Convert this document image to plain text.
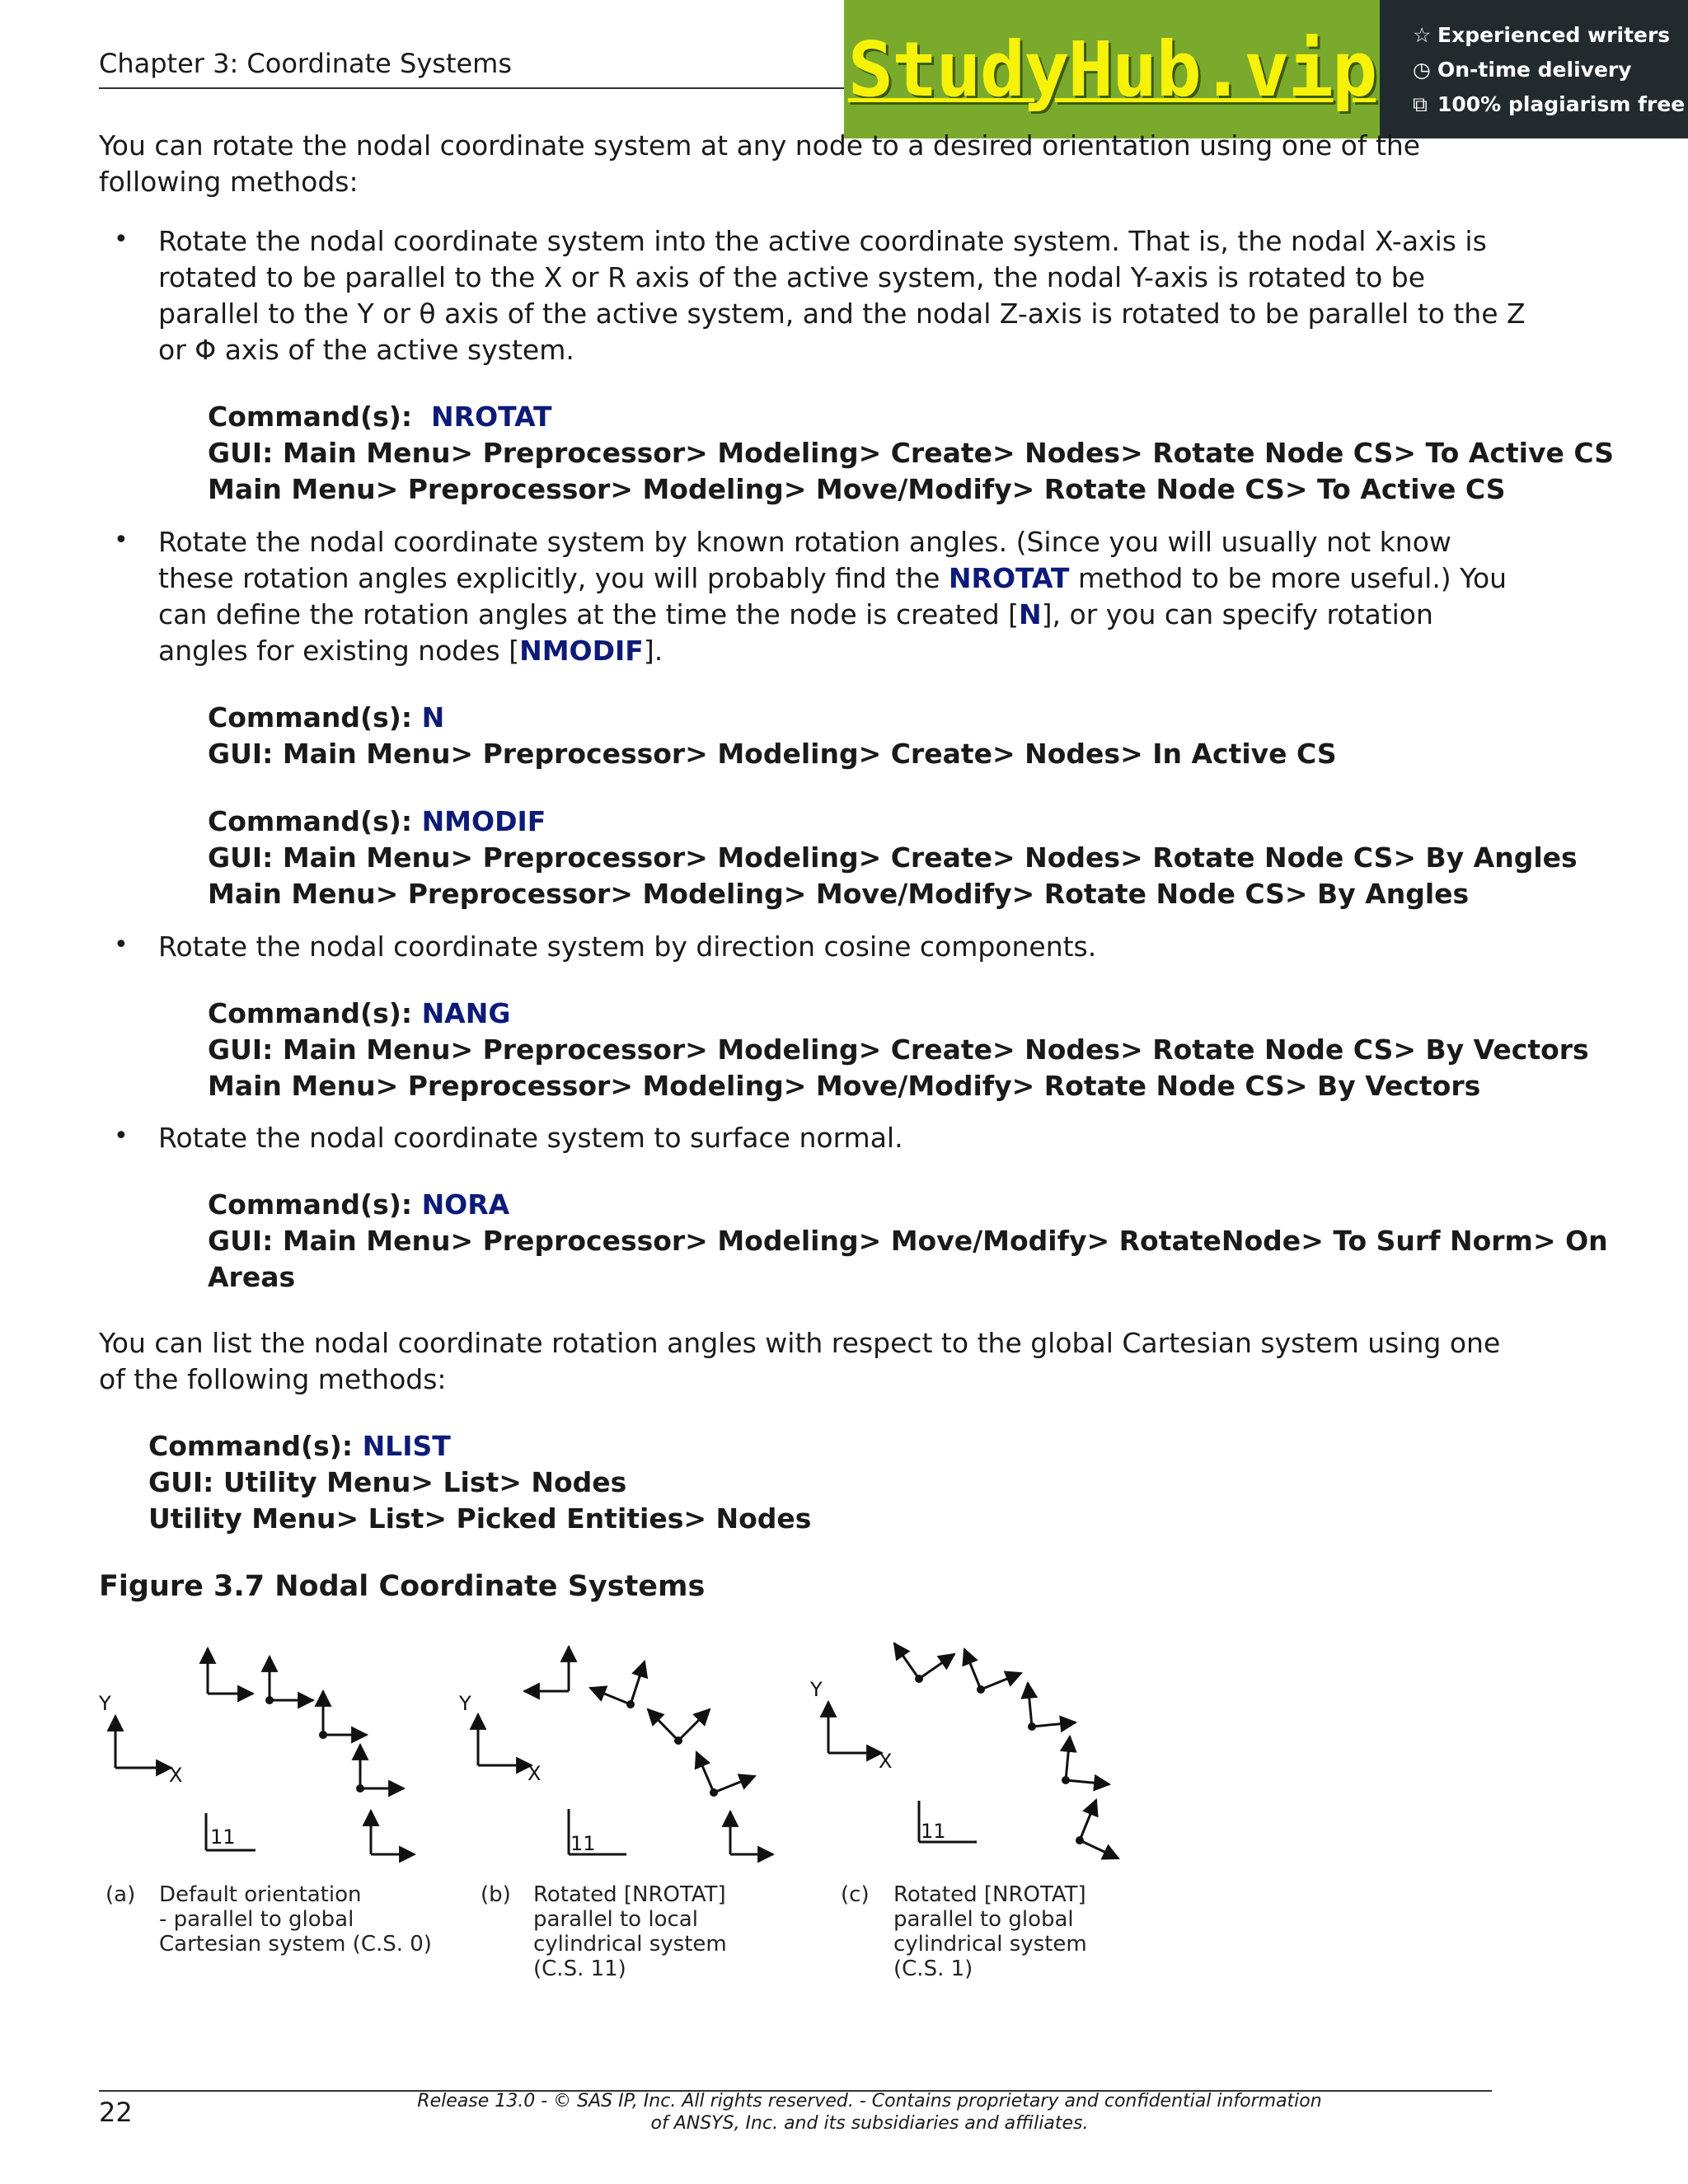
Chapter 3: Coordinate Systems	StudyHub.vip ☆ Experienced writers
◷ On-time delivery
⧉ 100% plagiarism free
You can rotate the nodal coordinate system at any node to a desired orientation using one of the following methods:
• Rotate the nodal coordinate system into the active coordinate system. That is, the nodal X-axis is rotated to be parallel to the X or R axis of the active system, the nodal Y-axis is rotated to be parallel to the Y or θ axis of the active system, and the nodal Z-axis is rotated to be parallel to the Z or Φ axis of the active system.
Command(s): NROTAT
GUI: Main Menu> Preprocessor> Modeling> Create> Nodes> Rotate Node CS> To Active CS
Main Menu> Preprocessor> Modeling> Move/Modify> Rotate Node CS> To Active CS
• Rotate the nodal coordinate system by known rotation angles. (Since you will usually not know these rotation angles explicitly, you will probably find the NROTAT method to be more useful.) You can define the rotation angles at the time the node is created [N], or you can specify rotation angles for existing nodes [NMODIF].
Command(s): N
GUI: Main Menu> Preprocessor> Modeling> Create> Nodes> In Active CS
Command(s): NMODIF
GUI: Main Menu> Preprocessor> Modeling> Create> Nodes> Rotate Node CS> By Angles
Main Menu> Preprocessor> Modeling> Move/Modify> Rotate Node CS> By Angles
• Rotate the nodal coordinate system by direction cosine components.
Command(s): NANG
GUI: Main Menu> Preprocessor> Modeling> Create> Nodes> Rotate Node CS> By Vectors
Main Menu> Preprocessor> Modeling> Move/Modify> Rotate Node CS> By Vectors
• Rotate the nodal coordinate system to surface normal.
Command(s): NORA
GUI: Main Menu> Preprocessor> Modeling> Move/Modify> RotateNode> To Surf Norm> On
Areas
You can list the nodal coordinate rotation angles with respect to the global Cartesian system using one of the following methods:
Command(s): NLIST
GUI: Utility Menu> List> Nodes
Utility Menu> List> Picked Entities> Nodes
Figure 3.7 Nodal Coordinate Systems
Y
X
11
Y
X
11
Y
X
11
(a) Default orientation
- parallel to global
Cartesian system (C.S. 0)
(b) Rotated [NROTAT]
parallel to local
cylindrical system
(C.S. 11)
(c) Rotated [NROTAT]
parallel to global
cylindrical system
(C.S. 1)
22	Release 13.0 - © SAS IP, Inc. All rights reserved. - Contains proprietary and confidential information
of ANSYS, Inc. and its subsidiaries and affiliates.
